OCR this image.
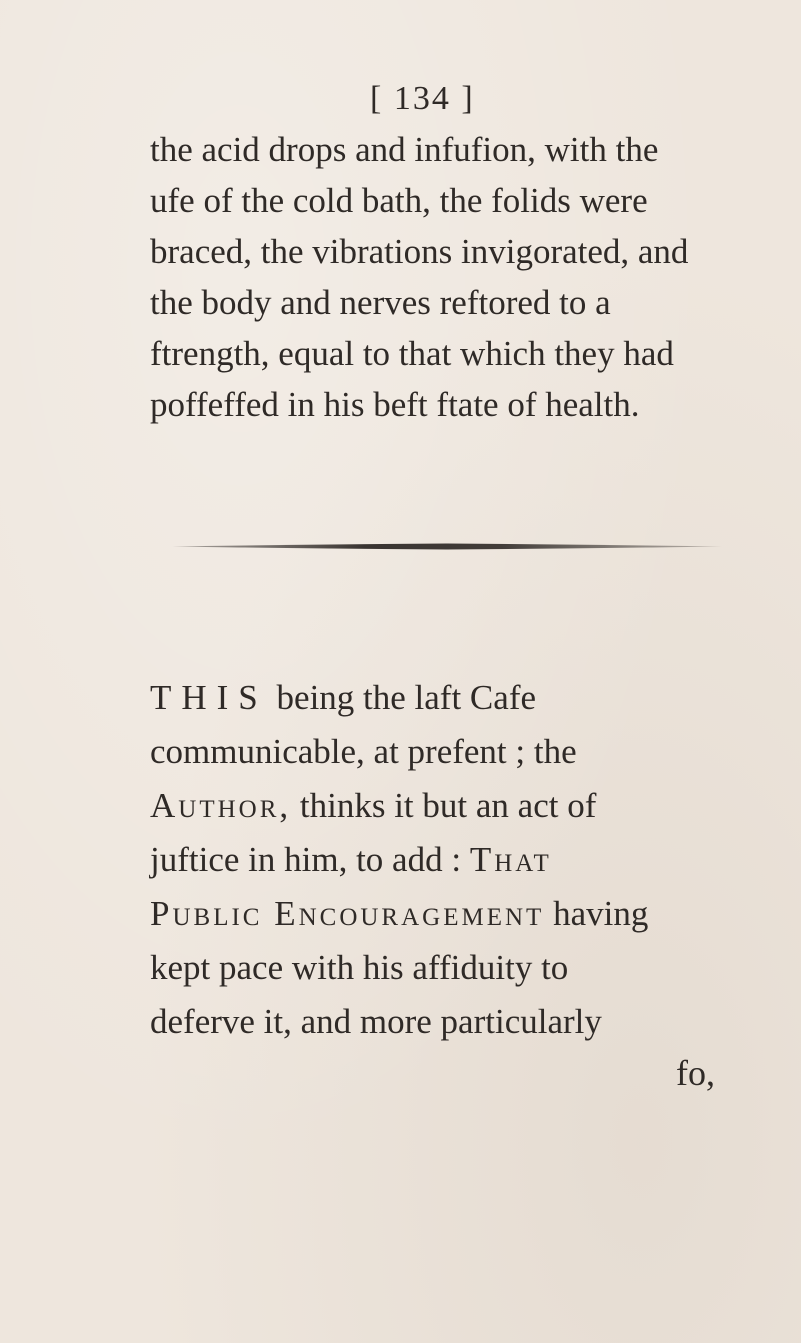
[ 134 ]
the acid drops and infufion, with the
ufe of the cold bath, the folids were
braced, the vibrations invigorated, and
the body and nerves reftored to a
ftrength, equal to that which they had
poffeffed in his beft ftate of health.
THIS being the laft Cafe
communicable, at prefent ; the
Author, thinks it but an act of
juftice in him, to add : That
Public Encouragement having
kept pace with his affiduity to
deferve it, and more particularly
fo,
